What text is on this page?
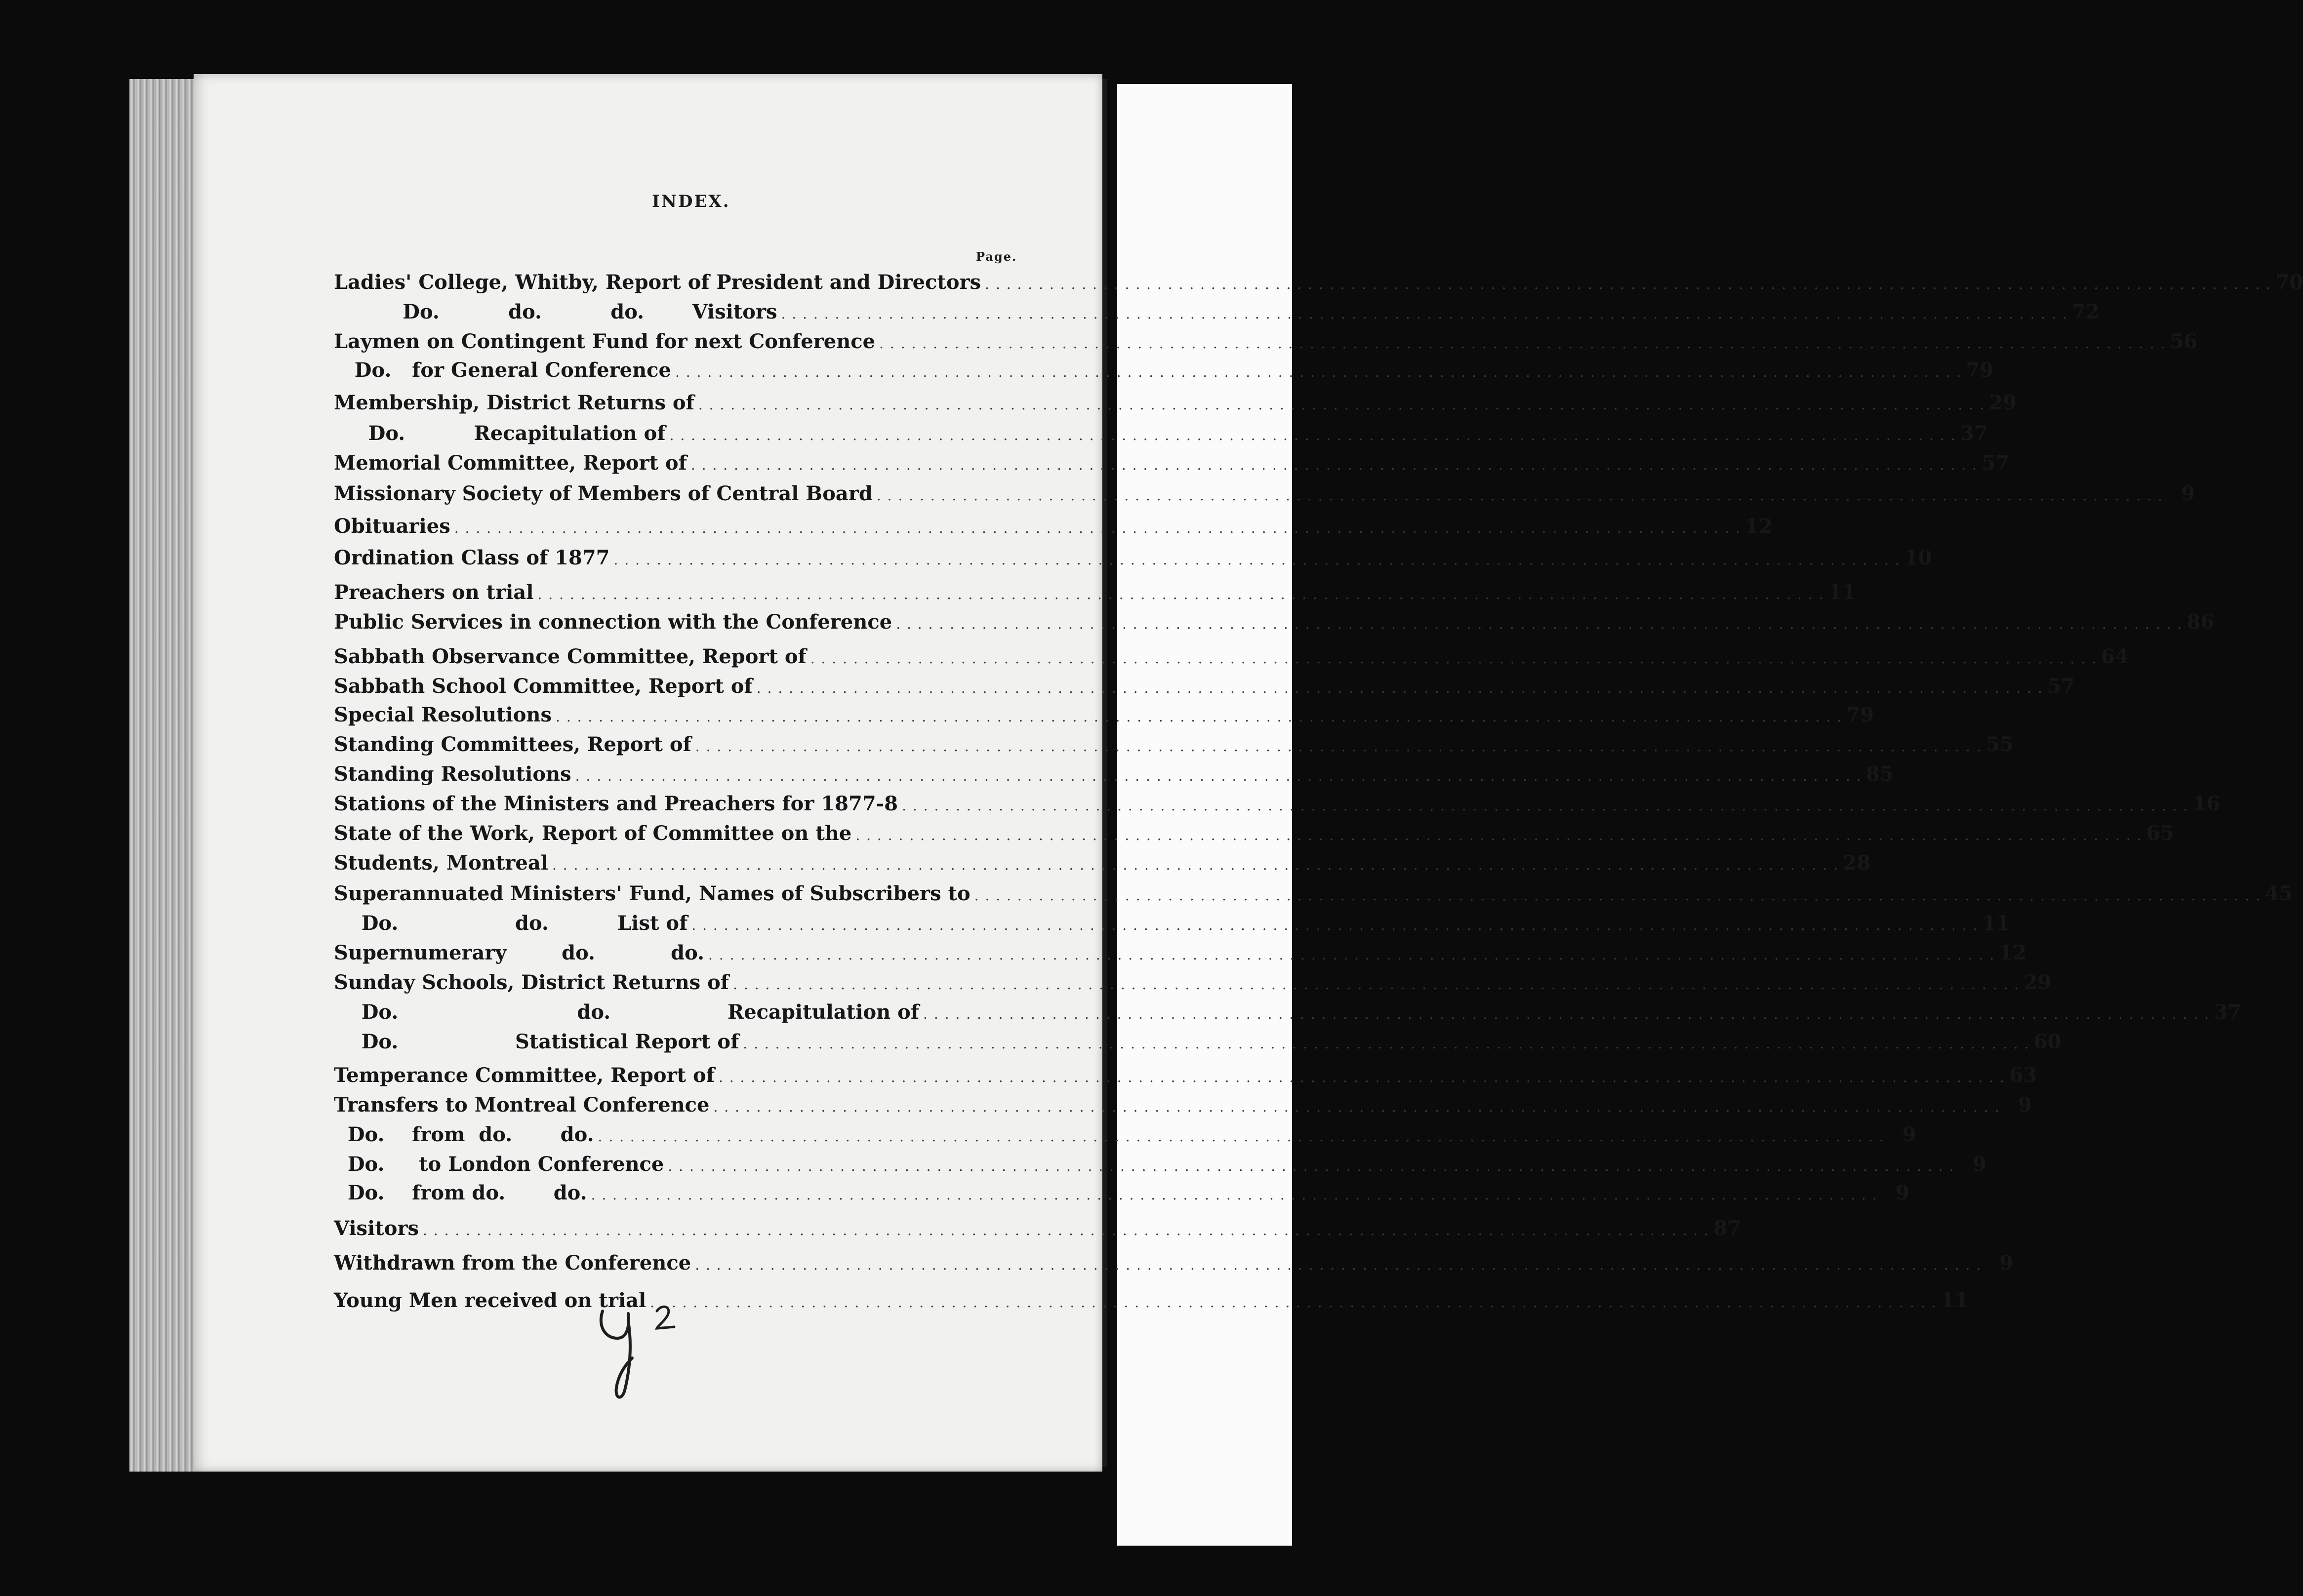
INDEX.
Page.
Ladies' College, Whitby, Report of President and Directors . . . . . . . . . . . . . . . . . . . . . . . . . . . . . . . . . . . . . . . . . . . . . . . . . . . . . . . . . . . . . . . . . . . . . . . . . . . . . . . . . . . . . . . . . . . . . . . . . . . . . . . . . . . . . . . . . . . . . . . . 70
Do.          do.          do.       Visitors . . . . . . . . . . . . . . . . . . . . . . . . . . . . . . . . . . . . . . . . . . . . . . . . . . . . . . . . . . . . . . . . . . . . . . . . . . . . . . . . . . . . . . . . . . . . . . . . . . . . . . . . . . . . . . . . . . . . . . . . 72
Laymen on Contingent Fund for next Conference . . . . . . . . . . . . . . . . . . . . . . . . . . . . . . . . . . . . . . . . . . . . . . . . . . . . . . . . . . . . . . . . . . . . . . . . . . . . . . . . . . . . . . . . . . . . . . . . . . . . . . . . . . . . . . . . . . . . . . . . 56
Do.   for General Conference . . . . . . . . . . . . . . . . . . . . . . . . . . . . . . . . . . . . . . . . . . . . . . . . . . . . . . . . . . . . . . . . . . . . . . . . . . . . . . . . . . . . . . . . . . . . . . . . . . . . . . . . . . . . . . . . . . . . . . . . 79
Membership, District Returns of . . . . . . . . . . . . . . . . . . . . . . . . . . . . . . . . . . . . . . . . . . . . . . . . . . . . . . . . . . . . . . . . . . . . . . . . . . . . . . . . . . . . . . . . . . . . . . . . . . . . . . . . . . . . . . . . . . . . . . . . 29
Do.          Recapitulation of . . . . . . . . . . . . . . . . . . . . . . . . . . . . . . . . . . . . . . . . . . . . . . . . . . . . . . . . . . . . . . . . . . . . . . . . . . . . . . . . . . . . . . . . . . . . . . . . . . . . . . . . . . . . . . . . . . . . . . . . 37
Memorial Committee, Report of . . . . . . . . . . . . . . . . . . . . . . . . . . . . . . . . . . . . . . . . . . . . . . . . . . . . . . . . . . . . . . . . . . . . . . . . . . . . . . . . . . . . . . . . . . . . . . . . . . . . . . . . . . . . . . . . . . . . . . . . 57
Missionary Society of Members of Central Board . . . . . . . . . . . . . . . . . . . . . . . . . . . . . . . . . . . . . . . . . . . . . . . . . . . . . . . . . . . . . . . . . . . . . . . . . . . . . . . . . . . . . . . . . . . . . . . . . . . . . . . . . . . . . . . . . . . . . . . . 9
Obituaries . . . . . . . . . . . . . . . . . . . . . . . . . . . . . . . . . . . . . . . . . . . . . . . . . . . . . . . . . . . . . . . . . . . . . . . . . . . . . . . . . . . . . . . . . . . . . . . . . . . . . . . . . . . . . . . . . . . . . . . . 12
Ordination Class of 1877 . . . . . . . . . . . . . . . . . . . . . . . . . . . . . . . . . . . . . . . . . . . . . . . . . . . . . . . . . . . . . . . . . . . . . . . . . . . . . . . . . . . . . . . . . . . . . . . . . . . . . . . . . . . . . . . . . . . . . . . . 10
Preachers on trial . . . . . . . . . . . . . . . . . . . . . . . . . . . . . . . . . . . . . . . . . . . . . . . . . . . . . . . . . . . . . . . . . . . . . . . . . . . . . . . . . . . . . . . . . . . . . . . . . . . . . . . . . . . . . . . . . . . . . . . . 11
Public Services in connection with the Conference . . . . . . . . . . . . . . . . . . . . . . . . . . . . . . . . . . . . . . . . . . . . . . . . . . . . . . . . . . . . . . . . . . . . . . . . . . . . . . . . . . . . . . . . . . . . . . . . . . . . . . . . . . . . . . . . . . . . . . . . 86
Sabbath Observance Committee, Report of . . . . . . . . . . . . . . . . . . . . . . . . . . . . . . . . . . . . . . . . . . . . . . . . . . . . . . . . . . . . . . . . . . . . . . . . . . . . . . . . . . . . . . . . . . . . . . . . . . . . . . . . . . . . . . . . . . . . . . . . 64
Sabbath School Committee, Report of . . . . . . . . . . . . . . . . . . . . . . . . . . . . . . . . . . . . . . . . . . . . . . . . . . . . . . . . . . . . . . . . . . . . . . . . . . . . . . . . . . . . . . . . . . . . . . . . . . . . . . . . . . . . . . . . . . . . . . . . 57
Special Resolutions . . . . . . . . . . . . . . . . . . . . . . . . . . . . . . . . . . . . . . . . . . . . . . . . . . . . . . . . . . . . . . . . . . . . . . . . . . . . . . . . . . . . . . . . . . . . . . . . . . . . . . . . . . . . . . . . . . . . . . . . 79
Standing Committees, Report of . . . . . . . . . . . . . . . . . . . . . . . . . . . . . . . . . . . . . . . . . . . . . . . . . . . . . . . . . . . . . . . . . . . . . . . . . . . . . . . . . . . . . . . . . . . . . . . . . . . . . . . . . . . . . . . . . . . . . . . . 55
Standing Resolutions . . . . . . . . . . . . . . . . . . . . . . . . . . . . . . . . . . . . . . . . . . . . . . . . . . . . . . . . . . . . . . . . . . . . . . . . . . . . . . . . . . . . . . . . . . . . . . . . . . . . . . . . . . . . . . . . . . . . . . . . 85
Stations of the Ministers and Preachers for 1877-8 . . . . . . . . . . . . . . . . . . . . . . . . . . . . . . . . . . . . . . . . . . . . . . . . . . . . . . . . . . . . . . . . . . . . . . . . . . . . . . . . . . . . . . . . . . . . . . . . . . . . . . . . . . . . . . . . . . . . . . . . 16
State of the Work, Report of Committee on the . . . . . . . . . . . . . . . . . . . . . . . . . . . . . . . . . . . . . . . . . . . . . . . . . . . . . . . . . . . . . . . . . . . . . . . . . . . . . . . . . . . . . . . . . . . . . . . . . . . . . . . . . . . . . . . . . . . . . . . . 65
Students, Montreal . . . . . . . . . . . . . . . . . . . . . . . . . . . . . . . . . . . . . . . . . . . . . . . . . . . . . . . . . . . . . . . . . . . . . . . . . . . . . . . . . . . . . . . . . . . . . . . . . . . . . . . . . . . . . . . . . . . . . . . . 28
Superannuated Ministers' Fund, Names of Subscribers to . . . . . . . . . . . . . . . . . . . . . . . . . . . . . . . . . . . . . . . . . . . . . . . . . . . . . . . . . . . . . . . . . . . . . . . . . . . . . . . . . . . . . . . . . . . . . . . . . . . . . . . . . . . . . . . . . . . . . . . . 45
Do.                 do.          List of . . . . . . . . . . . . . . . . . . . . . . . . . . . . . . . . . . . . . . . . . . . . . . . . . . . . . . . . . . . . . . . . . . . . . . . . . . . . . . . . . . . . . . . . . . . . . . . . . . . . . . . . . . . . . . . . . . . . . . . . 11
Supernumerary        do.           do. . . . . . . . . . . . . . . . . . . . . . . . . . . . . . . . . . . . . . . . . . . . . . . . . . . . . . . . . . . . . . . . . . . . . . . . . . . . . . . . . . . . . . . . . . . . . . . . . . . . . . . . . . . . . . . . . . . . . . . . . 12
Sunday Schools, District Returns of . . . . . . . . . . . . . . . . . . . . . . . . . . . . . . . . . . . . . . . . . . . . . . . . . . . . . . . . . . . . . . . . . . . . . . . . . . . . . . . . . . . . . . . . . . . . . . . . . . . . . . . . . . . . . . . . . . . . . . . . 29
Do.                          do.                 Recapitulation of . . . . . . . . . . . . . . . . . . . . . . . . . . . . . . . . . . . . . . . . . . . . . . . . . . . . . . . . . . . . . . . . . . . . . . . . . . . . . . . . . . . . . . . . . . . . . . . . . . . . . . . . . . . . . . . . . . . . . . . . 37
Do.                 Statistical Report of . . . . . . . . . . . . . . . . . . . . . . . . . . . . . . . . . . . . . . . . . . . . . . . . . . . . . . . . . . . . . . . . . . . . . . . . . . . . . . . . . . . . . . . . . . . . . . . . . . . . . . . . . . . . . . . . . . . . . . . . 60
Temperance Committee, Report of . . . . . . . . . . . . . . . . . . . . . . . . . . . . . . . . . . . . . . . . . . . . . . . . . . . . . . . . . . . . . . . . . . . . . . . . . . . . . . . . . . . . . . . . . . . . . . . . . . . . . . . . . . . . . . . . . . . . . . . . 63
Transfers to Montreal Conference . . . . . . . . . . . . . . . . . . . . . . . . . . . . . . . . . . . . . . . . . . . . . . . . . . . . . . . . . . . . . . . . . . . . . . . . . . . . . . . . . . . . . . . . . . . . . . . . . . . . . . . . . . . . . . . . . . . . . . . . 9
Do.    from  do.       do. . . . . . . . . . . . . . . . . . . . . . . . . . . . . . . . . . . . . . . . . . . . . . . . . . . . . . . . . . . . . . . . . . . . . . . . . . . . . . . . . . . . . . . . . . . . . . . . . . . . . . . . . . . . . . . . . . . . . . . . . 9
Do.     to London Conference . . . . . . . . . . . . . . . . . . . . . . . . . . . . . . . . . . . . . . . . . . . . . . . . . . . . . . . . . . . . . . . . . . . . . . . . . . . . . . . . . . . . . . . . . . . . . . . . . . . . . . . . . . . . . . . . . . . . . . . . 9
Do.    from do.       do. . . . . . . . . . . . . . . . . . . . . . . . . . . . . . . . . . . . . . . . . . . . . . . . . . . . . . . . . . . . . . . . . . . . . . . . . . . . . . . . . . . . . . . . . . . . . . . . . . . . . . . . . . . . . . . . . . . . . . . . . 9
Visitors . . . . . . . . . . . . . . . . . . . . . . . . . . . . . . . . . . . . . . . . . . . . . . . . . . . . . . . . . . . . . . . . . . . . . . . . . . . . . . . . . . . . . . . . . . . . . . . . . . . . . . . . . . . . . . . . . . . . . . . . 87
Withdrawn from the Conference . . . . . . . . . . . . . . . . . . . . . . . . . . . . . . . . . . . . . . . . . . . . . . . . . . . . . . . . . . . . . . . . . . . . . . . . . . . . . . . . . . . . . . . . . . . . . . . . . . . . . . . . . . . . . . . . . . . . . . . . 9
Young Men received on trial . . . . . . . . . . . . . . . . . . . . . . . . . . . . . . . . . . . . . . . . . . . . . . . . . . . . . . . . . . . . . . . . . . . . . . . . . . . . . . . . . . . . . . . . . . . . . . . . . . . . . . . . . . . . . . . . . . . . . . . . 11
